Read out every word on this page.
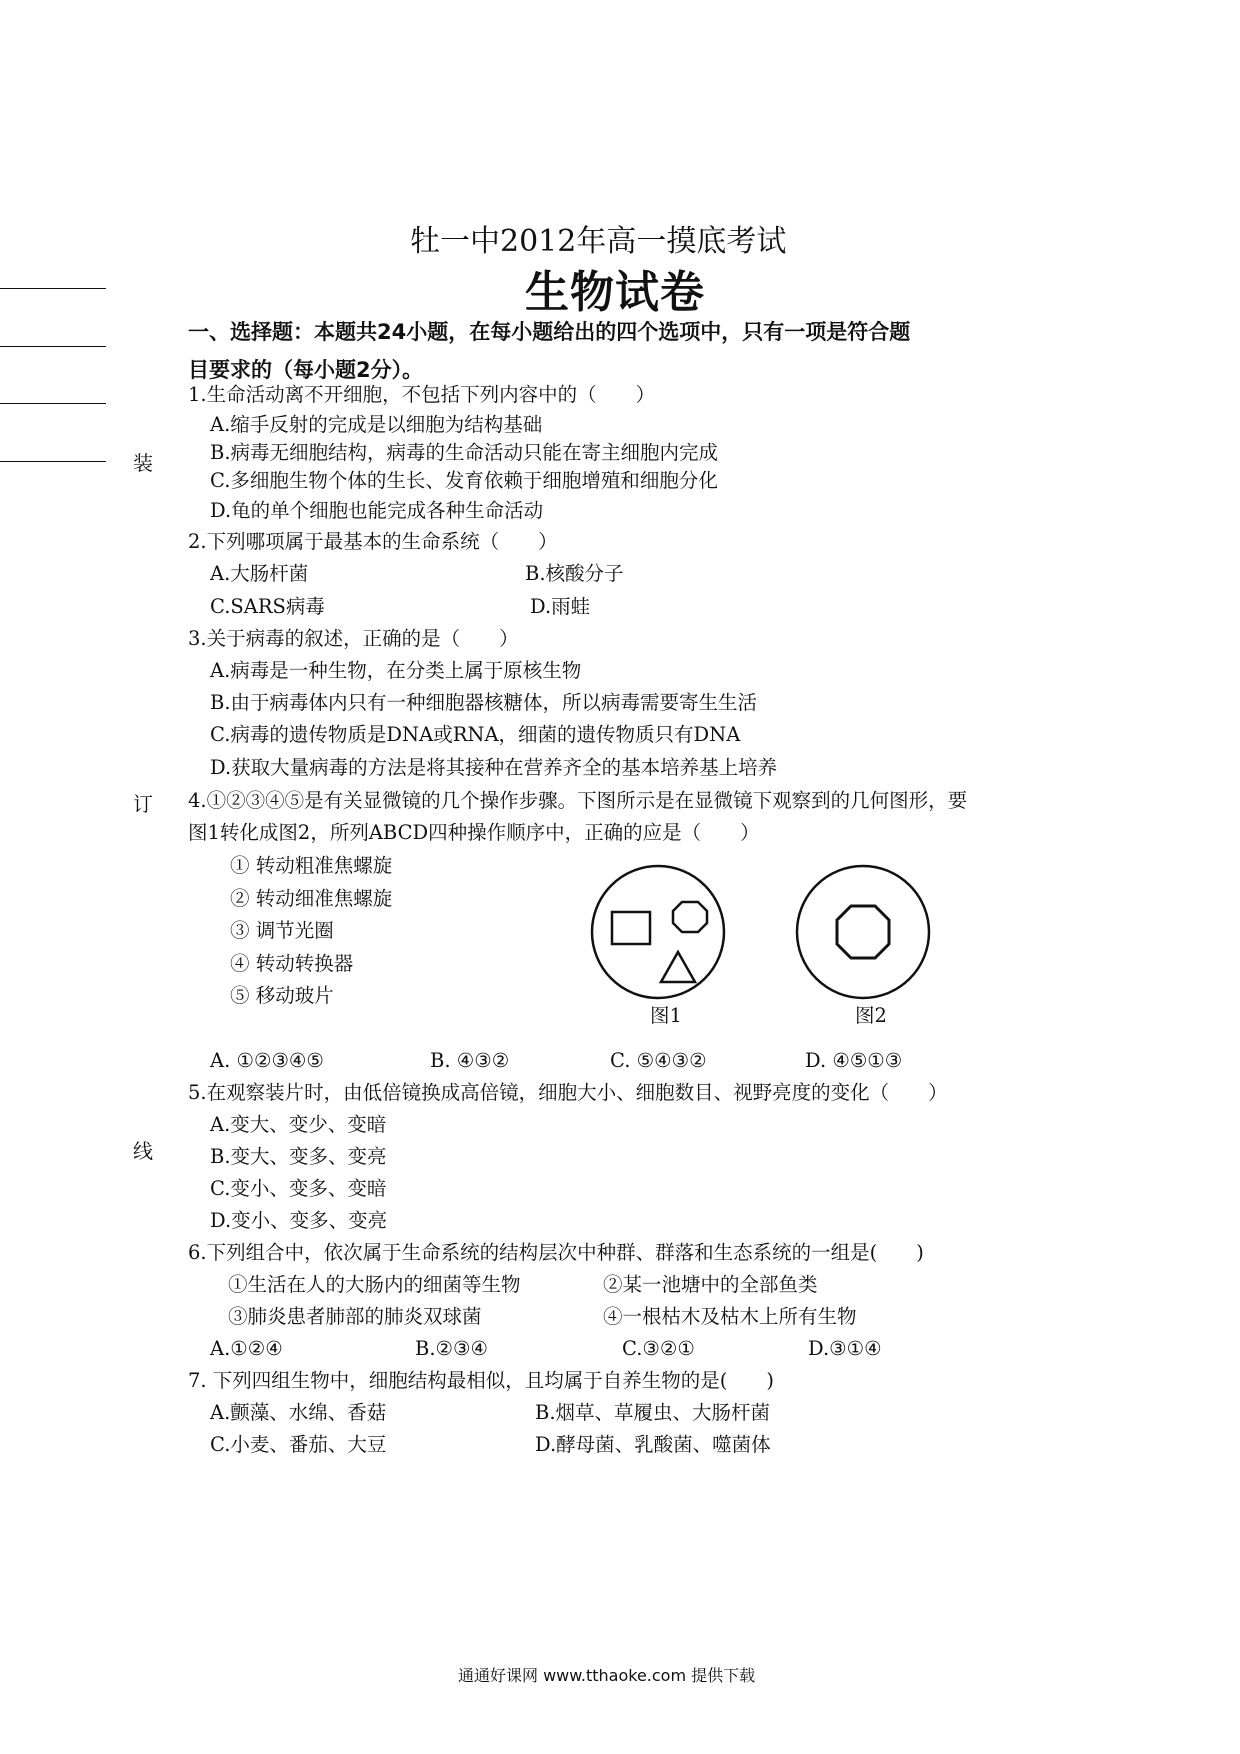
装
订
线
牡一中2012年高一摸底考试
生物试卷
一、选择题：本题共24小题，在每小题给出的四个选项中，只有一项是符合题
目要求的（每小题2分）。
1.生命活动离不开细胞，不包括下列内容中的（　　）
A.缩手反射的完成是以细胞为结构基础
B.病毒无细胞结构，病毒的生命活动只能在寄主细胞内完成
C.多细胞生物个体的生长、发育依赖于细胞增殖和细胞分化
D.龟的单个细胞也能完成各种生命活动
2.下列哪项属于最基本的生命系统（　　）
A.大肠杆菌	B.核酸分子
C.SARS病毒	D.雨蛙
3.关于病毒的叙述，正确的是（　　）
A.病毒是一种生物，在分类上属于原核生物
B.由于病毒体内只有一种细胞器核糖体，所以病毒需要寄生生活
C.病毒的遗传物质是DNA或RNA，细菌的遗传物质只有DNA
D.获取大量病毒的方法是将其接种在营养齐全的基本培养基上培养
4.①②③④⑤是有关显微镜的几个操作步骤。下图所示是在显微镜下观察到的几何图形，要
图1转化成图2，所列ABCD四种操作顺序中，正确的应是（　　）
① 转动粗准焦螺旋
② 转动细准焦螺旋
③ 调节光圈
④ 转动转换器
⑤ 移动玻片
图1	图2
A. ①②③④⑤	B. ④③②	C. ⑤④③②	D. ④⑤①③
5.在观察装片时，由低倍镜换成高倍镜，细胞大小、细胞数目、视野亮度的变化（　　）
A.变大、变少、变暗
B.变大、变多、变亮
C.变小、变多、变暗
D.变小、变多、变亮
6.下列组合中，依次属于生命系统的结构层次中种群、群落和生态系统的一组是(　　)
①生活在人的大肠内的细菌等生物	②某一池塘中的全部鱼类
③肺炎患者肺部的肺炎双球菌	④一根枯木及枯木上所有生物
A.①②④	B.②③④	C.③②①	D.③①④
7. 下列四组生物中，细胞结构最相似，且均属于自养生物的是(　　)
A.颤藻、水绵、香菇	B.烟草、草履虫、大肠杆菌
C.小麦、番茄、大豆	D.酵母菌、乳酸菌、噬菌体
通通好课网 www.tthaoke.com 提供下载
